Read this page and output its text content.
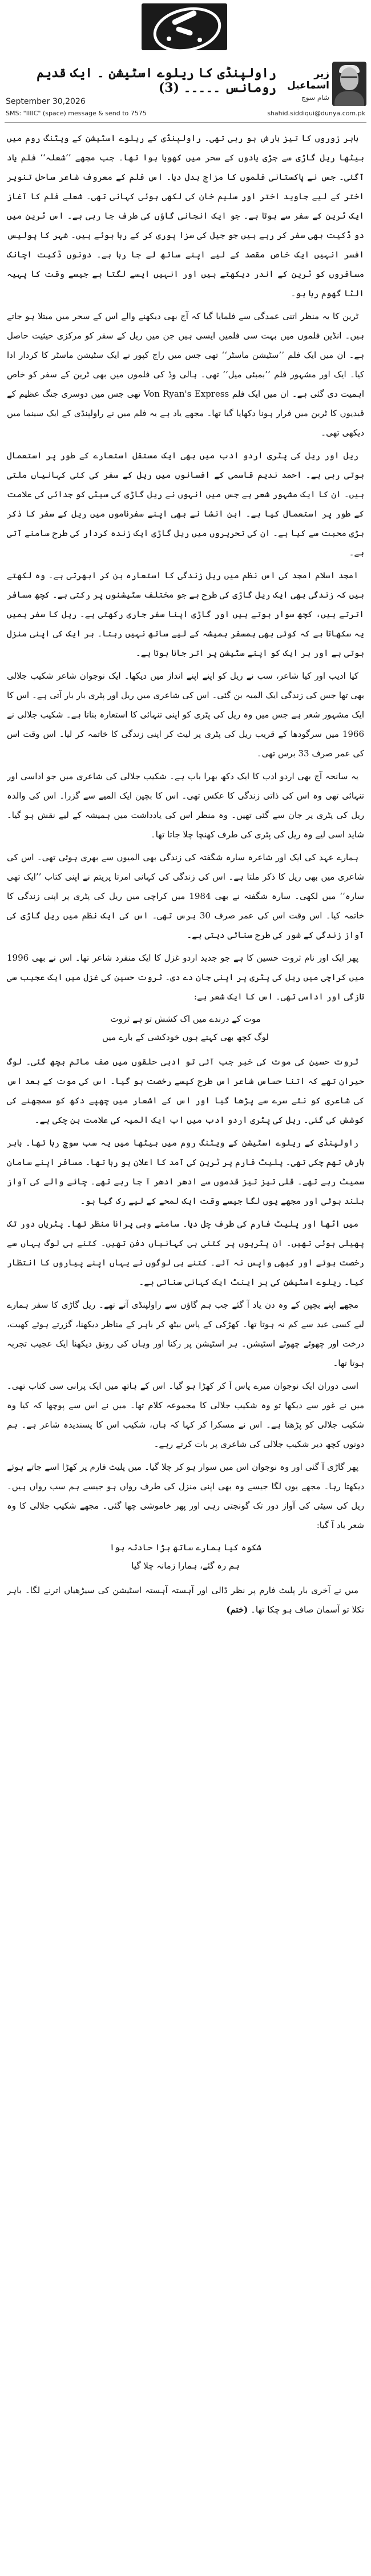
زیر اسماعیل
شام سوچ
راولپنڈی کا ریلوے اسٹیشن ۔ ایک قدیم رومانس ۔۔۔۔۔ (3)
September 30,2026
SMS: "IIIIC" (space) message & send to 7575	shahid.siddiqui@dunya.com.pk

باہر زوروں کا تیز بارش ہو رہی تھی۔ راولپنڈی کے ریلوے اسٹیشن کے ویٹنگ روم میں بیٹھا ریل گاڑی سے جڑی یادوں کے سحر میں کھویا ہوا تھا۔ جب مجھے ’’شعلہ‘‘ فلم یاد آگئی۔ جس نے پاکستانی فلموں کا مزاج بدل دیا۔ اس فلم کے معروف شاعر ساحل تنویر اختر کے لیے جاوید اختر اور سلیم خان کی لکھی ہوئی کہانی تھی۔ شعلے فلم کا آغاز ایک ٹرین کے سفر سے ہوتا ہے۔ جو ایک انجانی گاؤں کی طرف جا رہی ہے۔ اس ٹرین میں دو ڈکیت بھی سفر کر رہے ہیں جو جیل کی سزا پوری کر کے رہا ہوئے ہیں۔ شہر کا پولیس افسر انہیں ایک خاص مقصد کے لیے اپنے ساتھ لے جا رہا ہے۔ دونوں ڈکیت اچانک مسافروں کو ٹرین کے اندر دیکھتے ہیں اور انہیں ایسے لگتا ہے جیسے وقت کا پہیہ الٹا گھوم رہا ہو۔

ٹرین کا یہ منظر اتنی عمدگی سے فلمایا گیا کہ آج بھی دیکھنے والے اس کے سحر میں مبتلا ہو جاتے ہیں۔ انڈین فلموں میں بہت سی فلمیں ایسی ہیں جن میں ریل کے سفر کو مرکزی حیثیت حاصل ہے۔ ان میں ایک فلم ’’سٹیشن ماسٹر‘‘ تھی جس میں راج کپور نے ایک سٹیشن ماسٹر کا کردار ادا کیا۔ ایک اور مشہور فلم ’’بمبئی میل‘‘ تھی۔ ہالی وڈ کی فلموں میں بھی ٹرین کے سفر کو خاص اہمیت دی گئی ہے۔ ان میں ایک فلم Von Ryan's Express تھی جس میں دوسری جنگ عظیم کے قیدیوں کا ٹرین میں فرار ہونا دکھایا گیا تھا۔ مجھے یاد ہے یہ فلم میں نے راولپنڈی کے ایک سینما میں دیکھی تھی۔

ریل اور ریل کی پٹری اردو ادب میں بھی ایک مستقل استعارے کے طور پر استعمال ہوتی رہی ہے۔ احمد ندیم قاسمی کے افسانوں میں ریل کے سفر کی کئی کہانیاں ملتی ہیں۔ ان کا ایک مشہور شعر ہے جس میں انہوں نے ریل گاڑی کی سیٹی کو جدائی کی علامت کے طور پر استعمال کیا ہے۔ ابن انشا نے بھی اپنے سفرناموں میں ریل کے سفر کا ذکر بڑی محبت سے کیا ہے۔ ان کی تحریروں میں ریل گاڑی ایک زندہ کردار کی طرح سامنے آتی ہے۔

امجد اسلام امجد کی اس نظم میں ریل زندگی کا استعارہ بن کر ابھرتی ہے۔ وہ لکھتے ہیں کہ زندگی بھی ایک ریل گاڑی کی طرح ہے جو مختلف سٹیشنوں پر رکتی ہے۔ کچھ مسافر اترتے ہیں، کچھ سوار ہوتے ہیں اور گاڑی اپنا سفر جاری رکھتی ہے۔ ریل کا سفر ہمیں یہ سکھاتا ہے کہ کوئی بھی ہمسفر ہمیشہ کے لیے ساتھ نہیں رہتا۔ ہر ایک کی اپنی منزل ہوتی ہے اور ہر ایک کو اپنے سٹیشن پر اتر جانا ہوتا ہے۔

کیا ادیب اور کیا شاعر، سب نے ریل کو اپنے اپنے انداز میں دیکھا۔ ایک نوجوان شاعر شکیب جلالی بھی تھا جس کی زندگی ایک المیہ بن گئی۔ اس کی شاعری میں ریل اور پٹری بار بار آتی ہے۔ اس کا ایک مشہور شعر ہے جس میں وہ ریل کی پٹری کو اپنی تنہائی کا استعارہ بناتا ہے۔ شکیب جلالی نے 1966 میں سرگودھا کے قریب ریل کی پٹری پر لیٹ کر اپنی زندگی کا خاتمہ کر لیا۔ اس وقت اس کی عمر صرف 33 برس تھی۔

یہ سانحہ آج بھی اردو ادب کا ایک دکھ بھرا باب ہے۔ شکیب جلالی کی شاعری میں جو اداسی اور تنہائی تھی وہ اس کی ذاتی زندگی کا عکس تھی۔ اس کا بچپن ایک المیے سے گزرا۔ اس کی والدہ ریل کی پٹری پر جان سے گئی تھیں۔ وہ منظر اس کی یادداشت میں ہمیشہ کے لیے نقش ہو گیا۔ شاید اسی لیے وہ ریل کی پٹری کی طرف کھنچا چلا جاتا تھا۔

ہمارے عہد کی ایک اور شاعرہ سارہ شگفتہ کی زندگی بھی المیوں سے بھری ہوئی تھی۔ اس کی شاعری میں بھی ریل کا ذکر ملتا ہے۔ اس کی زندگی کی کہانی امرتا پریتم نے اپنی کتاب ’’ایک تھی سارہ‘‘ میں لکھی۔ سارہ شگفتہ نے بھی 1984 میں کراچی میں ریل کی پٹری پر اپنی زندگی کا خاتمہ کیا۔ اس وقت اس کی عمر صرف 30 برس تھی۔ اس کی ایک نظم میں ریل گاڑی کی آواز زندگی کے شور کی طرح سنائی دیتی ہے۔

پھر ایک اور نام ثروت حسین کا ہے جو جدید اردو غزل کا ایک منفرد شاعر تھا۔ اس نے بھی 1996 میں کراچی میں ریل کی پٹری پر اپنی جان دے دی۔ ثروت حسین کی غزل میں ایک عجیب سی تازگی اور اداسی تھی۔ اس کا ایک شعر ہے:

موت کے درندے میں اک کشش تو ہے ثروت
لوگ کچھ بھی کہتے ہوں خودکشی کے بارے میں

ثروت حسین کی موت کی خبر جب آئی تو ادبی حلقوں میں صف ماتم بچھ گئی۔ لوگ حیران تھے کہ اتنا حساس شاعر اس طرح کیسے رخصت ہو گیا۔ اس کی موت کے بعد اس کی شاعری کو نئے سرے سے پڑھا گیا اور اس کے اشعار میں چھپے دکھ کو سمجھنے کی کوشش کی گئی۔ ریل کی پٹری اردو ادب میں اب ایک المیہ کی علامت بن چکی ہے۔

راولپنڈی کے ریلوے اسٹیشن کے ویٹنگ روم میں بیٹھا میں یہ سب سوچ رہا تھا۔ باہر بارش تھم چکی تھی۔ پلیٹ فارم پر ٹرین کی آمد کا اعلان ہو رہا تھا۔ مسافر اپنے سامان سمیٹ رہے تھے۔ قلی تیز تیز قدموں سے ادھر ادھر آ جا رہے تھے۔ چائے والے کی آواز بلند ہوئی اور مجھے یوں لگا جیسے وقت ایک لمحے کے لیے رک گیا ہو۔

میں اٹھا اور پلیٹ فارم کی طرف چل دیا۔ سامنے وہی پرانا منظر تھا۔ پٹریاں دور تک پھیلی ہوئی تھیں۔ ان پٹریوں پر کتنی ہی کہانیاں دفن تھیں۔ کتنے ہی لوگ یہاں سے رخصت ہوئے اور کبھی واپس نہ آئے۔ کتنے ہی لوگوں نے یہاں اپنے پیاروں کا انتظار کیا۔ ریلوے اسٹیشن کی ہر اینٹ ایک کہانی سناتی ہے۔

مجھے اپنے بچپن کے وہ دن یاد آ گئے جب ہم گاؤں سے راولپنڈی آتے تھے۔ ریل گاڑی کا سفر ہمارے لیے کسی عید سے کم نہ ہوتا تھا۔ کھڑکی کے پاس بیٹھ کر باہر کے مناظر دیکھنا، گزرتے ہوئے کھیت، درخت اور چھوٹے چھوٹے اسٹیشن۔ ہر اسٹیشن پر رکنا اور وہاں کی رونق دیکھنا ایک عجیب تجربہ ہوتا تھا۔

اسی دوران ایک نوجوان میرے پاس آ کر کھڑا ہو گیا۔ اس کے ہاتھ میں ایک پرانی سی کتاب تھی۔ میں نے غور سے دیکھا تو وہ شکیب جلالی کا مجموعہ کلام تھا۔ میں نے اس سے پوچھا کہ کیا وہ شکیب جلالی کو پڑھتا ہے۔ اس نے مسکرا کر کہا کہ ہاں، شکیب اس کا پسندیدہ شاعر ہے۔ ہم دونوں کچھ دیر شکیب جلالی کی شاعری پر بات کرتے رہے۔

پھر گاڑی آ گئی اور وہ نوجوان اس میں سوار ہو کر چلا گیا۔ میں پلیٹ فارم پر کھڑا اسے جاتے ہوئے دیکھتا رہا۔ مجھے یوں لگا جیسے وہ بھی اپنی منزل کی طرف رواں ہو جیسے ہم سب رواں ہیں۔ ریل کی سیٹی کی آواز دور تک گونجتی رہی اور پھر خاموشی چھا گئی۔ مجھے شکیب جلالی کا وہ شعر یاد آ گیا:

شکوہ کیا ہمارے ساتھ بڑا حادثہ ہوا
ہم رہ گئے، ہمارا زمانہ چلا گیا

میں نے آخری بار پلیٹ فارم پر نظر ڈالی اور آہستہ آہستہ اسٹیشن کی سیڑھیاں اترنے لگا۔ باہر نکلا تو آسمان صاف ہو چکا تھا۔ (ختم)
